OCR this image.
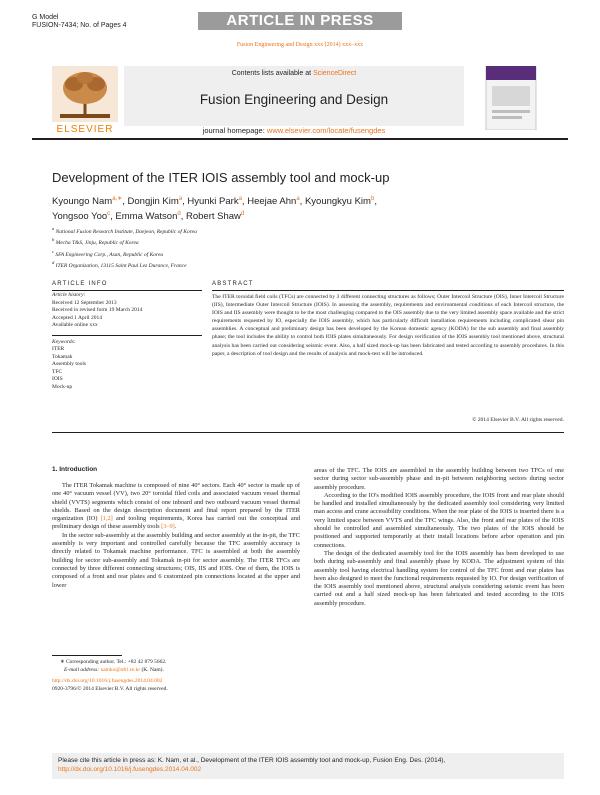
G Model
FUSION-7434; No. of Pages 4	ARTICLE IN PRESS
Fusion Engineering and Design xxx (2014) xxx–xxx
ELSEVIER
Contents lists available at ScienceDirect
Fusion Engineering and Design
journal homepage: www.elsevier.com/locate/fusengdes
Development of the ITER IOIS assembly tool and mock-up
Kyoungo Nam$^{a,∗}$, Dongjin Kim$^a$, Hyunki Park$^a$, Heejae Ahn$^a$, Kyoungkyu Kim$^b$,
Yongsoo Yoo$^c$, Emma Watson$^d$, Robert Shaw$^d$
$^a$ National Fusion Research Institute, Daejeon, Republic of Korea
$^b$ Mecha T&S, Jinju, Republic of Korea
$^c$ SFA Engineering Corp., Asan, Republic of Korea
$^d$ ITER Organization, 13115 Saint Paul Lez Durance, France
ARTICLE INFO	ABSTRACT
Article history:
Received 12 September 2013
Received in revised form 19 March 2014
Accepted 1 April 2014
Available online xxx
Keywords:
ITER
Tokamak
Assembly tools
TFC
IOIS
Mock-up
The ITER toroidal field coils (TFCs) are connected by 3 different connecting structures as follows; Outer Intercoil Structure (OIS), Inner Intercoil Structure (IIS), Intermediate Outer Intercoil Structure (IOIS). In assessing the assembly, requirements and environmental conditions of each Intercoil structure, the IOIS and IIS assembly were thought to be the most challenging compared to the OIS assembly due to the very limited assembly space available and the strict requirements requested by IO, especially the IOIS assembly, which has particularly difficult installation requirements including complicated shear pin assemblies. A conceptual and preliminary design has been developed by the Korean domestic agency (KODA) for the sub assembly and final assembly phase; the tool includes the ability to control both IOIS plates simultaneously. For design verification of the IOIS assembly tool mentioned above, structural analysis has been carried out considering seismic event. Also, a half sized mock-up has been fabricated and tested according to assembly procedures. In this paper, a description of tool design and the results of analysis and mock-test will be introduced.
© 2014 Elsevier B.V. All rights reserved.
1. Introduction

The ITER Tokamak machine is composed of nine 40° sectors. Each 40° sector is made up of one 40° vacuum vessel (VV), two 20° toroidal filed coils and associated vacuum vessel thermal shield (VVTS) segments which consist of one inboard and two outboard vacuum vessel thermal shields. Based on the design description document and final report prepared by the ITER organization (IO) [1,2] and tooling requirements, Korea has carried out the conceptual and preliminary design of these assembly tools [3–9].

In the sector sub-assembly at the assembly building and sector assembly at the in-pit, the TFC assembly is very important and controlled carefully because the TFC assembly accuracy is directly related to Tokamak machine performance. TFC is assembled at both the assembly building for sector sub-assembly and Tokamak in-pit for sector assembly. The ITER TFCs are connected by three different connecting structures; OIS, IIS and IOIS. One of them, the IOIS is composed of a front and rear plates and 6 customized pin connections located at the upper and lower

areas of the TFC. The IOIS are assembled in the assembly building between two TFCs of one sector during sector sub-assembly phase and in-pit between neighboring sectors during sector assembly procedure.

According to the IO's modified IOIS assembly procedure, the IOIS front and rear plate should be handled and installed simultaneously by the dedicated assembly tool considering very limited man access and crane accessibility conditions. When the rear plate of the IOIS is inserted there is a very limited space between VVTS and the TFC wings. Also, the front and rear plates of the IOIS should be controlled and assembled simultaneously. The two plates of the IOIS should be positioned and supported temporarily at their install locations before arbor operation and pin connections.

The design of the dedicated assembly tool for the IOIS assembly has been developed to use both during sub-assembly and final assembly phase by KODA. The adjustment system of this assembly tool having electrical handling system for control of the TFC front and rear plates has been also designed to meet the functional requirements requested by IO. For design verification of the IOIS assembly tool mentioned above, structural analysis considering seismic event has been carried out and a half sized mock-up has been fabricated and tested according to the IOIS assembly procedure.

∗ Corresponding author. Tel.: +82 42 879 5662.
E-mail address: namko@nfri.re.kr (K. Nam).
http://dx.doi.org/10.1016/j.fusengdes.2014.04.002
0920-3796/© 2014 Elsevier B.V. All rights reserved.
Please cite this article in press as: K. Nam, et al., Development of the ITER IOIS assembly tool and mock-up, Fusion Eng. Des. (2014),
http://dx.doi.org/10.1016/j.fusengdes.2014.04.002
